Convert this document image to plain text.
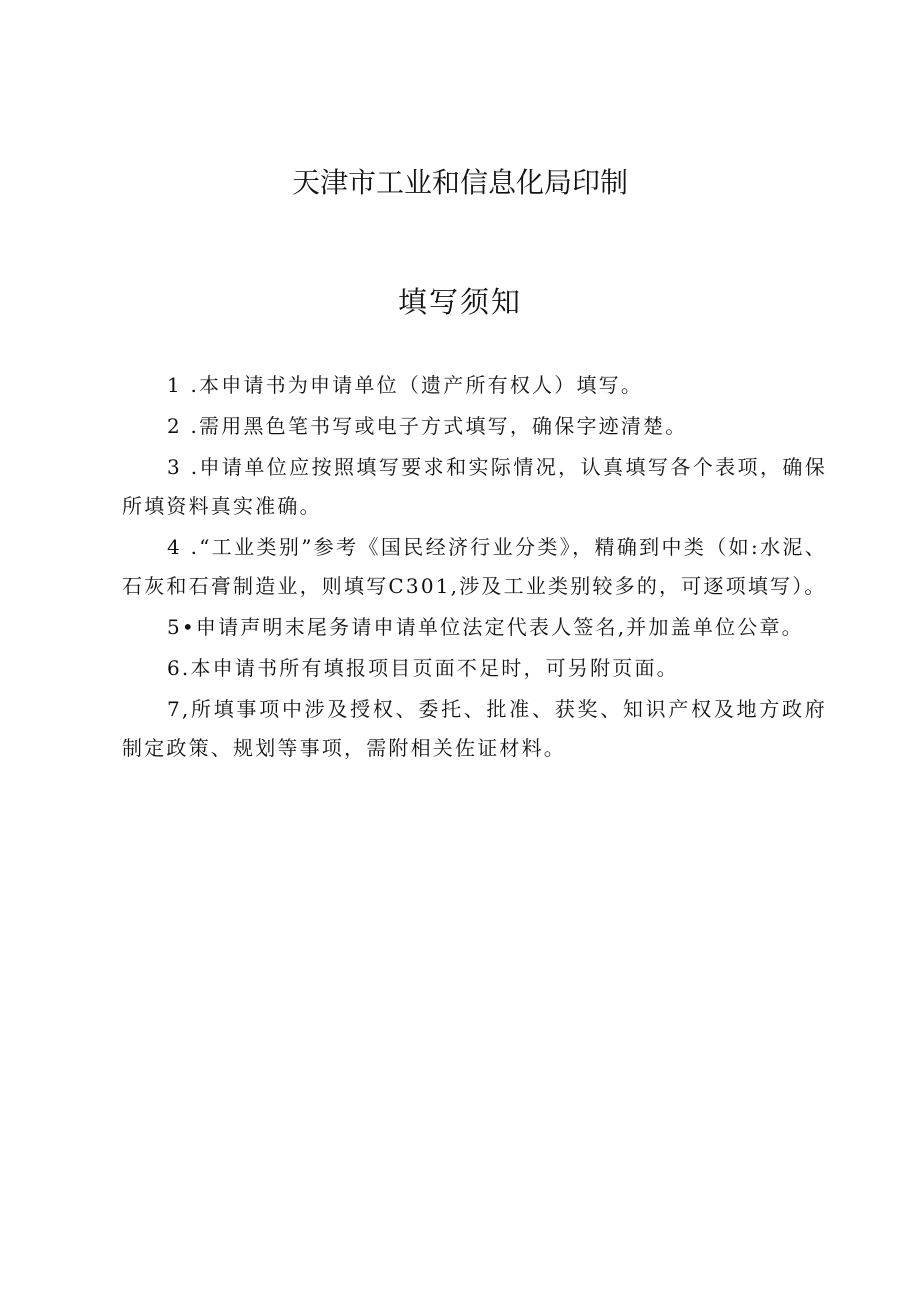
天津市工业和信息化局印制
填写须知

1 .本申请书为申请单位（遗产所有权人）填写。

2 .需用黑色笔书写或电子方式填写，确保字迹清楚。

3 .申请单位应按照填写要求和实际情况，认真填写各个表项，确保所填资料真实准确。

4 .“工业类别”参考《国民经济行业分类》，精确到中类（如:水泥、石灰和石膏制造业，则填写C301,涉及工业类别较多的，可逐项填写）。

5•申请声明末尾务请申请单位法定代表人签名,并加盖单位公章。

6.本申请书所有填报项目页面不足时，可另附页面。

7,所填事项中涉及授权、委托、批准、获奖、知识产权及地方政府制定政策、规划等事项，需附相关佐证材料。
